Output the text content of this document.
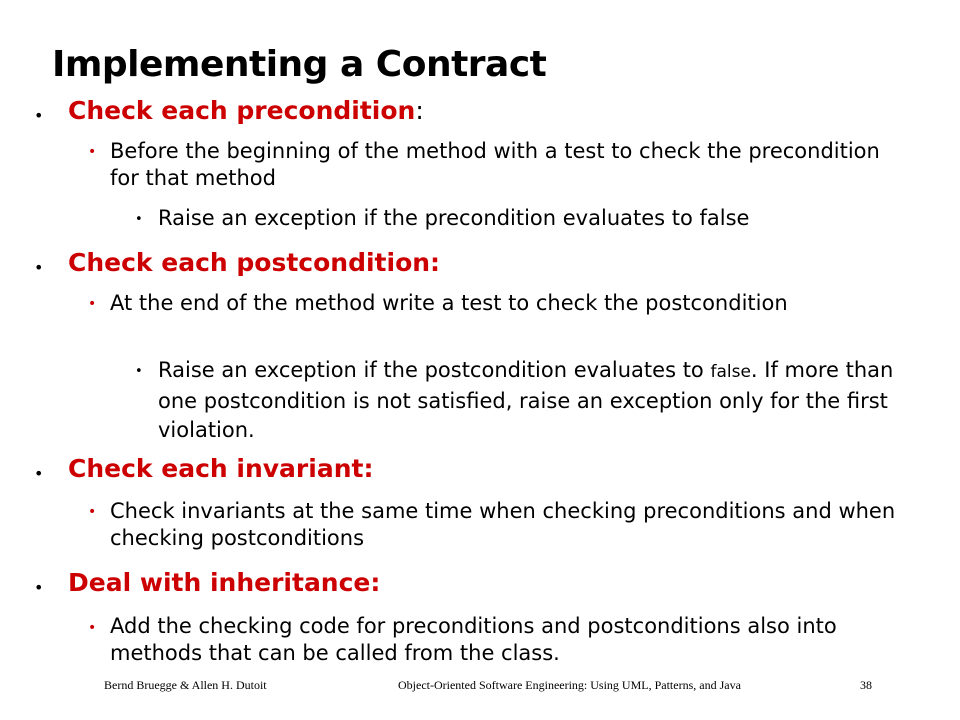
Implementing a Contract
• Check each precondition:
• Before the beginning of the method with a test to check the precondition for that method
• Raise an exception if the precondition evaluates to false
• Check each postcondition:
• At the end of the method write a test to check the postcondition
• Raise an exception if the postcondition evaluates to false. If more than one postcondition is not satisfied, raise an exception only for the first violation.
• Check each invariant:
• Check invariants at the same time when checking preconditions and when checking postconditions
• Deal with inheritance:
• Add the checking code for preconditions and postconditions also into methods that can be called from the class.
Bernd Bruegge & Allen H. Dutoit	Object-Oriented Software Engineering: Using UML, Patterns, and Java	38
